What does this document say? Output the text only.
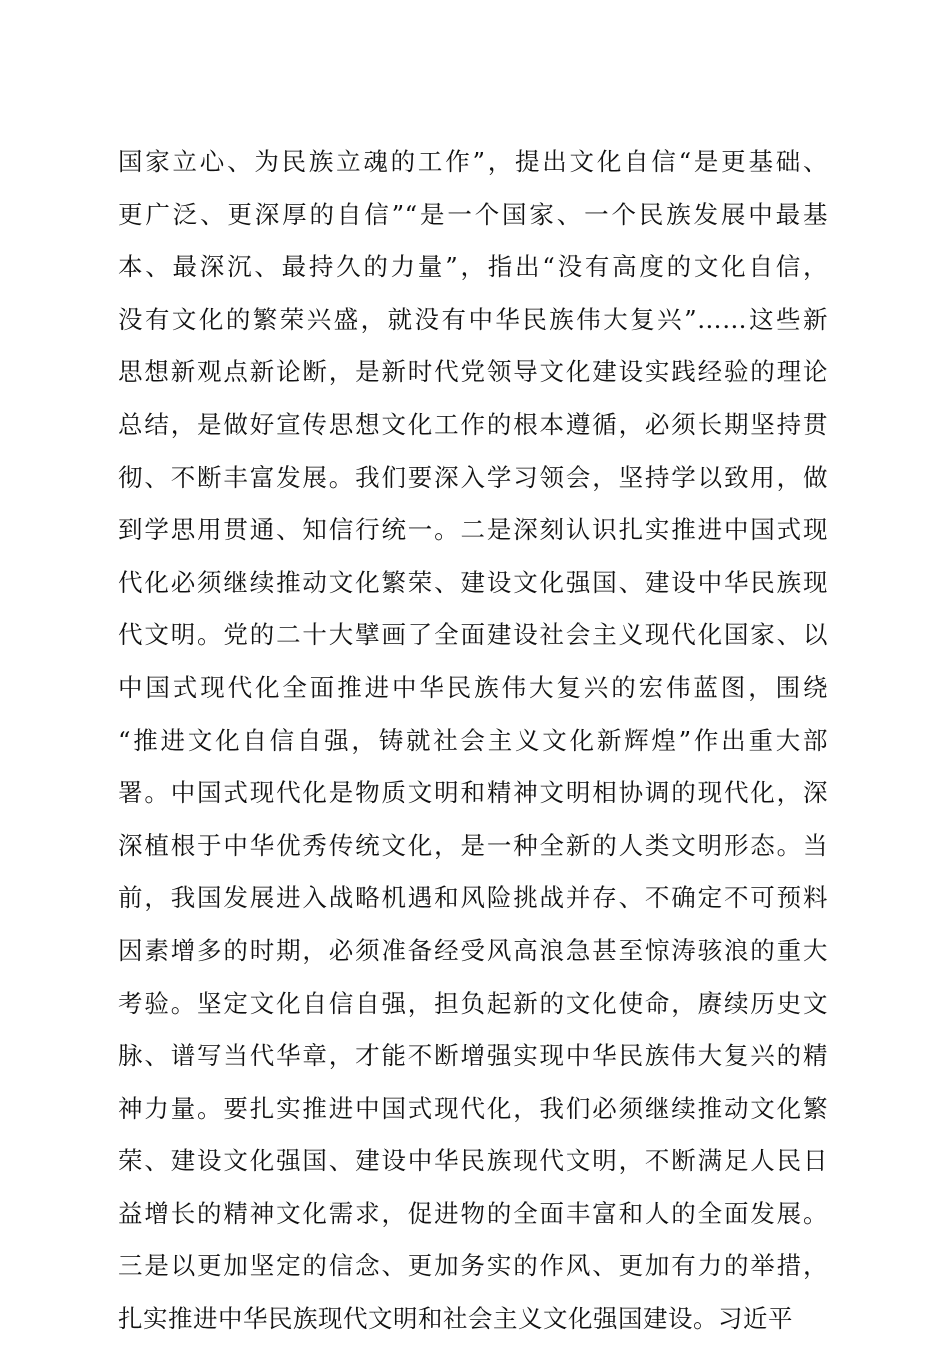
国家立心、为民族立魂的工作”，提出文化自信“是更基础、
更广泛、更深厚的自信”“是一个国家、一个民族发展中最基
本、最深沉、最持久的力量”，指出“没有高度的文化自信，
没有文化的繁荣兴盛，就没有中华民族伟大复兴”……这些新
思想新观点新论断，是新时代党领导文化建设实践经验的理论
总结，是做好宣传思想文化工作的根本遵循，必须长期坚持贯
彻、不断丰富发展。我们要深入学习领会，坚持学以致用，做
到学思用贯通、知信行统一。二是深刻认识扎实推进中国式现
代化必须继续推动文化繁荣、建设文化强国、建设中华民族现
代文明。党的二十大擘画了全面建设社会主义现代化国家、以
中国式现代化全面推进中华民族伟大复兴的宏伟蓝图，围绕
“推进文化自信自强，铸就社会主义文化新辉煌”作出重大部
署。中国式现代化是物质文明和精神文明相协调的现代化，深
深植根于中华优秀传统文化，是一种全新的人类文明形态。当
前，我国发展进入战略机遇和风险挑战并存、不确定不可预料
因素增多的时期，必须准备经受风高浪急甚至惊涛骇浪的重大
考验。坚定文化自信自强，担负起新的文化使命，赓续历史文
脉、谱写当代华章，才能不断增强实现中华民族伟大复兴的精
神力量。要扎实推进中国式现代化，我们必须继续推动文化繁
荣、建设文化强国、建设中华民族现代文明，不断满足人民日
益增长的精神文化需求，促进物的全面丰富和人的全面发展。
三是以更加坚定的信念、更加务实的作风、更加有力的举措，
扎实推进中华民族现代文明和社会主义文化强国建设。习近平
